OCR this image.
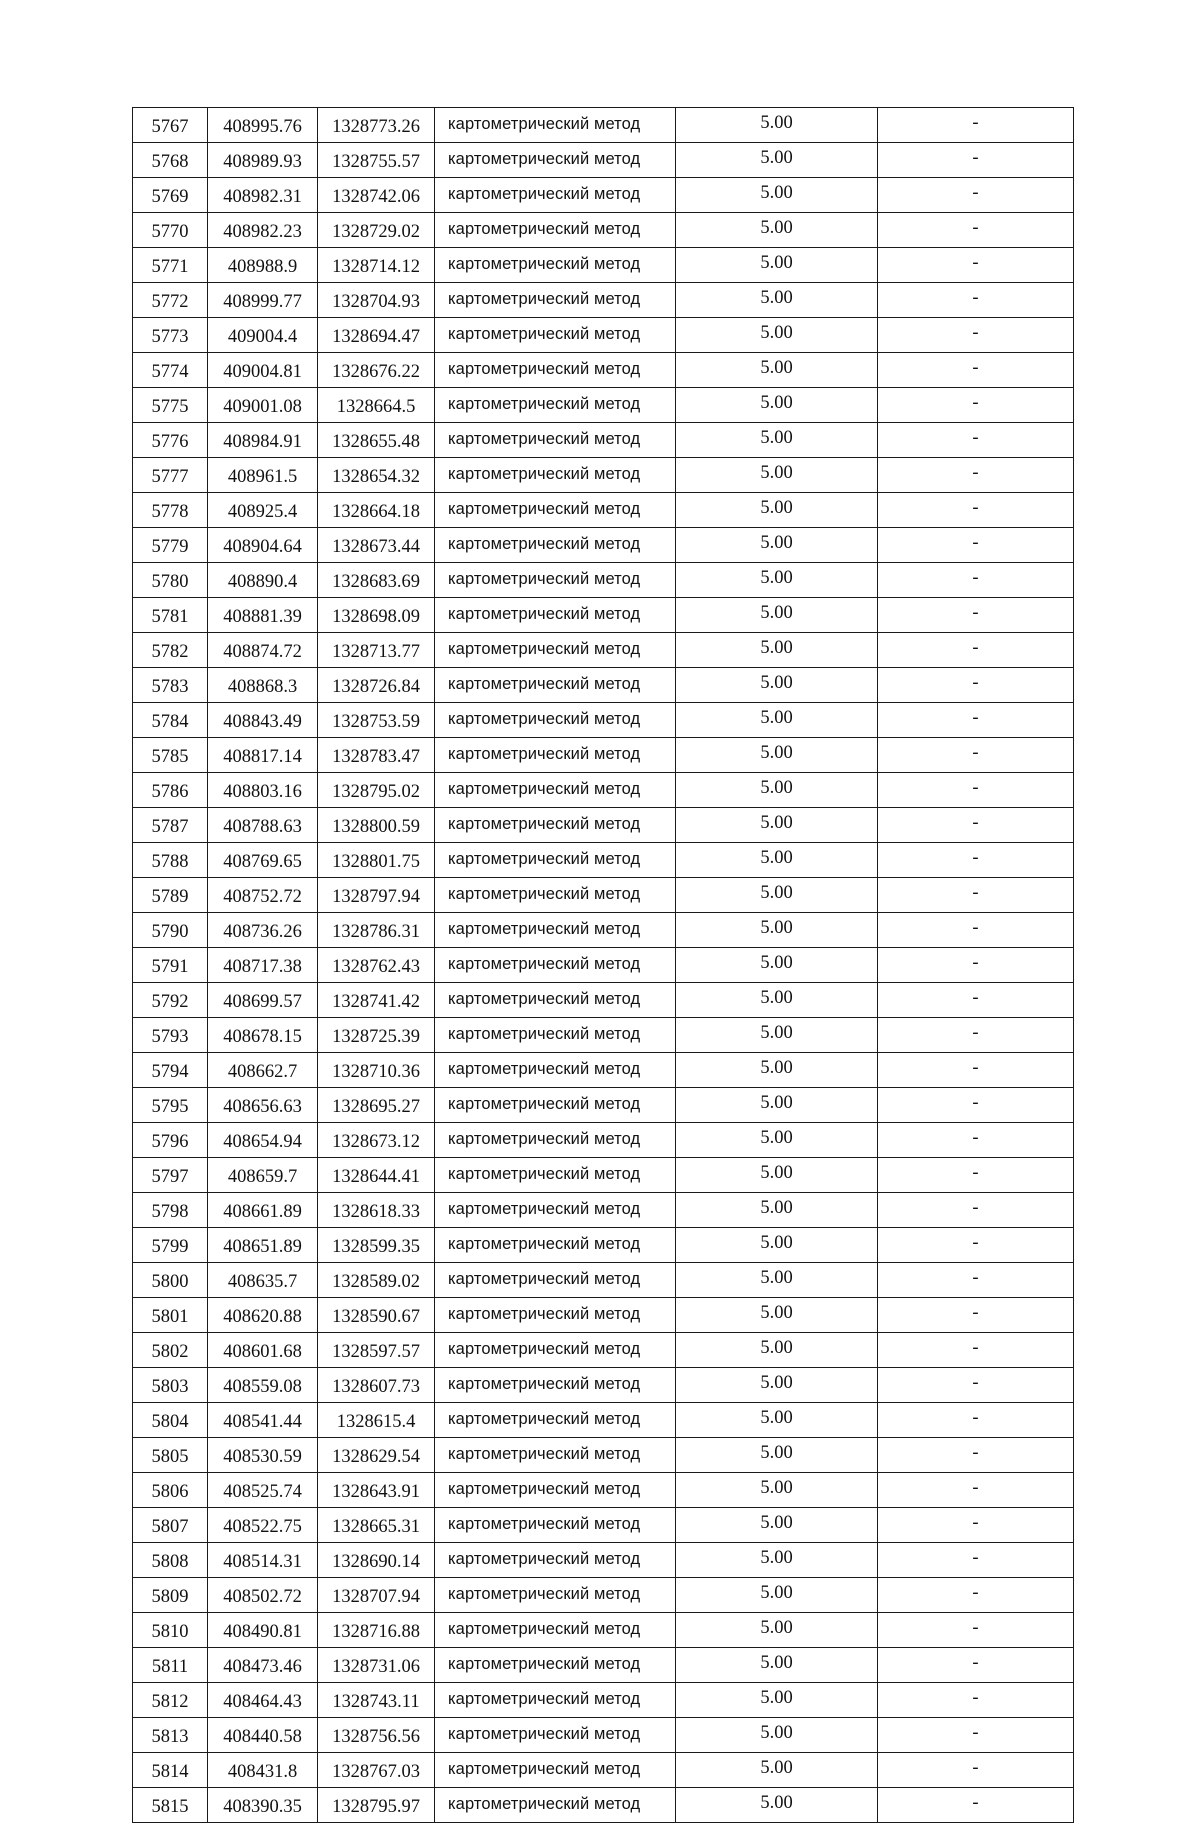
5767	408995.76	1328773.26	картометрический метод	5.00	-
5768	408989.93	1328755.57	картометрический метод	5.00	-
5769	408982.31	1328742.06	картометрический метод	5.00	-
5770	408982.23	1328729.02	картометрический метод	5.00	-
5771	408988.9	1328714.12	картометрический метод	5.00	-
5772	408999.77	1328704.93	картометрический метод	5.00	-
5773	409004.4	1328694.47	картометрический метод	5.00	-
5774	409004.81	1328676.22	картометрический метод	5.00	-
5775	409001.08	1328664.5	картометрический метод	5.00	-
5776	408984.91	1328655.48	картометрический метод	5.00	-
5777	408961.5	1328654.32	картометрический метод	5.00	-
5778	408925.4	1328664.18	картометрический метод	5.00	-
5779	408904.64	1328673.44	картометрический метод	5.00	-
5780	408890.4	1328683.69	картометрический метод	5.00	-
5781	408881.39	1328698.09	картометрический метод	5.00	-
5782	408874.72	1328713.77	картометрический метод	5.00	-
5783	408868.3	1328726.84	картометрический метод	5.00	-
5784	408843.49	1328753.59	картометрический метод	5.00	-
5785	408817.14	1328783.47	картометрический метод	5.00	-
5786	408803.16	1328795.02	картометрический метод	5.00	-
5787	408788.63	1328800.59	картометрический метод	5.00	-
5788	408769.65	1328801.75	картометрический метод	5.00	-
5789	408752.72	1328797.94	картометрический метод	5.00	-
5790	408736.26	1328786.31	картометрический метод	5.00	-
5791	408717.38	1328762.43	картометрический метод	5.00	-
5792	408699.57	1328741.42	картометрический метод	5.00	-
5793	408678.15	1328725.39	картометрический метод	5.00	-
5794	408662.7	1328710.36	картометрический метод	5.00	-
5795	408656.63	1328695.27	картометрический метод	5.00	-
5796	408654.94	1328673.12	картометрический метод	5.00	-
5797	408659.7	1328644.41	картометрический метод	5.00	-
5798	408661.89	1328618.33	картометрический метод	5.00	-
5799	408651.89	1328599.35	картометрический метод	5.00	-
5800	408635.7	1328589.02	картометрический метод	5.00	-
5801	408620.88	1328590.67	картометрический метод	5.00	-
5802	408601.68	1328597.57	картометрический метод	5.00	-
5803	408559.08	1328607.73	картометрический метод	5.00	-
5804	408541.44	1328615.4	картометрический метод	5.00	-
5805	408530.59	1328629.54	картометрический метод	5.00	-
5806	408525.74	1328643.91	картометрический метод	5.00	-
5807	408522.75	1328665.31	картометрический метод	5.00	-
5808	408514.31	1328690.14	картометрический метод	5.00	-
5809	408502.72	1328707.94	картометрический метод	5.00	-
5810	408490.81	1328716.88	картометрический метод	5.00	-
5811	408473.46	1328731.06	картометрический метод	5.00	-
5812	408464.43	1328743.11	картометрический метод	5.00	-
5813	408440.58	1328756.56	картометрический метод	5.00	-
5814	408431.8	1328767.03	картометрический метод	5.00	-
5815	408390.35	1328795.97	картометрический метод	5.00	-
